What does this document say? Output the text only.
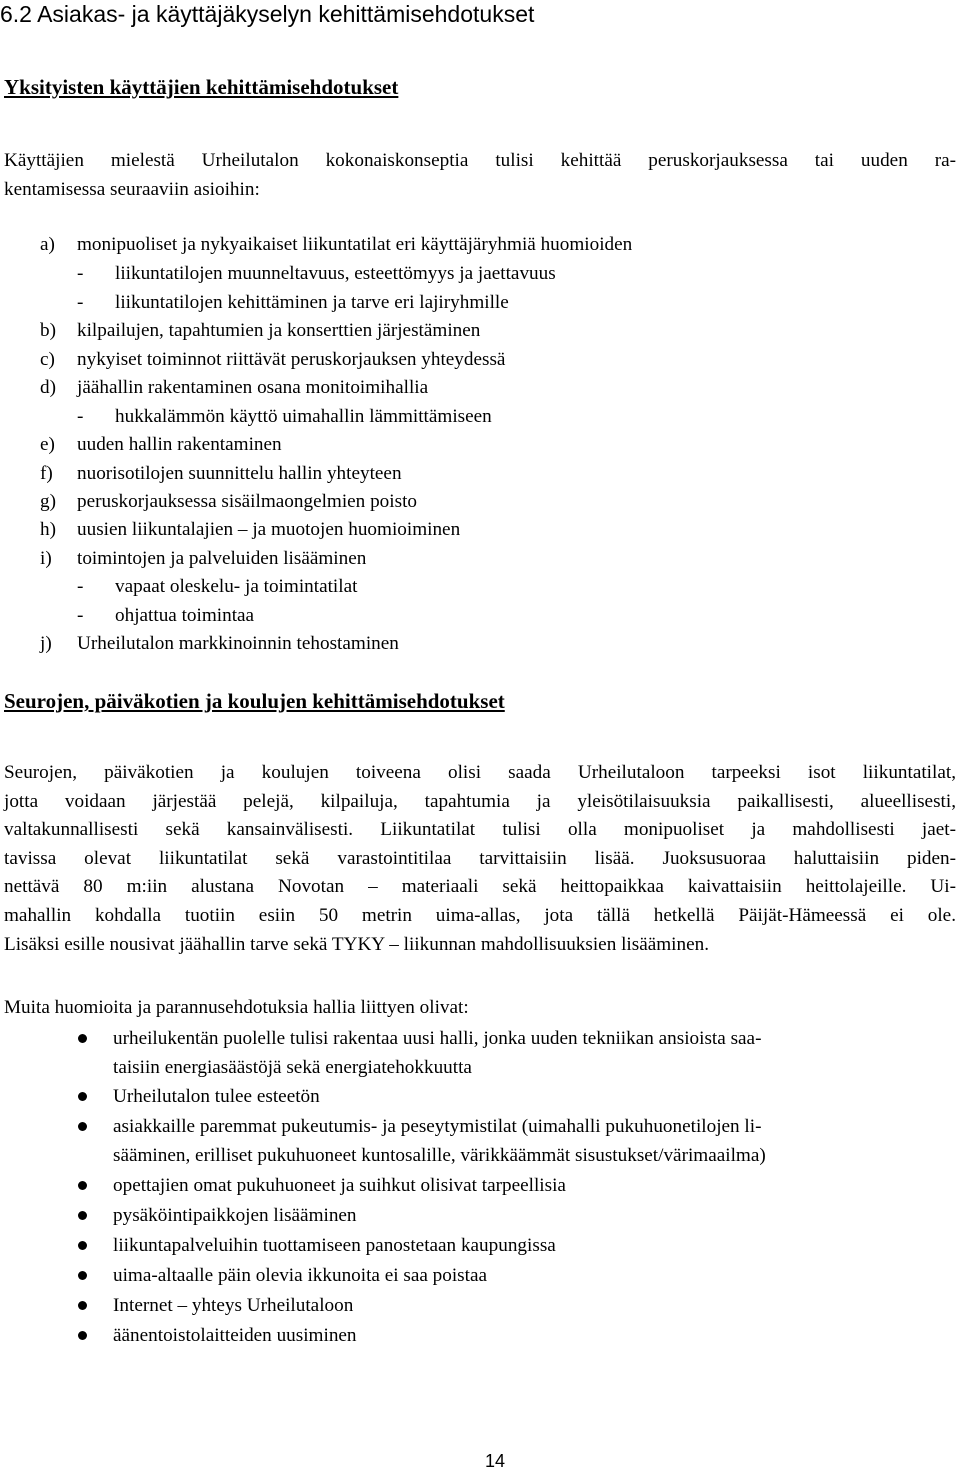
6.2 Asiakas- ja käyttäjäkyselyn kehittämisehdotukset
Yksityisten käyttäjien kehittämisehdotukset
Käyttäjien mielestä Urheilutalon kokonaiskonseptia tulisi kehittää peruskorjauksessa tai uuden ra-
kentamisessa seuraaviin asioihin:
a) monipuoliset ja nykyaikaiset liikuntatilat eri käyttäjäryhmiä huomioiden
- liikuntatilojen muunneltavuus, esteettömyys ja jaettavuus
- liikuntatilojen kehittäminen ja tarve eri lajiryhmille
b) kilpailujen, tapahtumien ja konserttien järjestäminen
c) nykyiset toiminnot riittävät peruskorjauksen yhteydessä
d) jäähallin rakentaminen osana monitoimihallia
- hukkalämmön käyttö uimahallin lämmittämiseen
e) uuden hallin rakentaminen
f) nuorisotilojen suunnittelu hallin yhteyteen
g) peruskorjauksessa sisäilmaongelmien poisto
h) uusien liikuntalajien – ja muotojen huomioiminen
i) toimintojen ja palveluiden lisääminen
- vapaat oleskelu- ja toimintatilat
- ohjattua toimintaa
j) Urheilutalon markkinoinnin tehostaminen
Seurojen, päiväkotien ja koulujen kehittämisehdotukset
Seurojen, päiväkotien ja koulujen toiveena olisi saada Urheilutaloon tarpeeksi isot liikuntatilat,
jotta voidaan järjestää pelejä, kilpailuja, tapahtumia ja yleisötilaisuuksia paikallisesti, alueellisesti,
valtakunnallisesti sekä kansainvälisesti. Liikuntatilat tulisi olla monipuoliset ja mahdollisesti jaet-
tavissa olevat liikuntatilat sekä varastointitilaa tarvittaisiin lisää. Juoksusuoraa haluttaisiin piden-
nettävä 80 m:iin alustana Novotan – materiaali sekä heittopaikkaa kaivattaisiin heittolajeille. Ui-
mahallin kohdalla tuotiin esiin 50 metrin uima-allas, jota tällä hetkellä Päijät-Hämeessä ei ole.
Lisäksi esille nousivat jäähallin tarve sekä TYKY – liikunnan mahdollisuuksien lisääminen.
Muita huomioita ja parannusehdotuksia hallia liittyen olivat:
urheilukentän puolelle tulisi rakentaa uusi halli, jonka uuden tekniikan ansioista saa-
taisiin energiasäästöjä sekä energiatehokkuutta
Urheilutalon tulee esteetön
asiakkaille paremmat pukeutumis- ja peseytymistilat (uimahalli pukuhuonetilojen li-
sääminen, erilliset pukuhuoneet kuntosalille, värikkäämmät sisustukset/värimaailma)
opettajien omat pukuhuoneet ja suihkut olisivat tarpeellisia
pysäköintipaikkojen lisääminen
liikuntapalveluihin tuottamiseen panostetaan kaupungissa
uima-altaalle päin olevia ikkunoita ei saa poistaa
Internet – yhteys Urheilutaloon
äänentoistolaitteiden uusiminen
14
